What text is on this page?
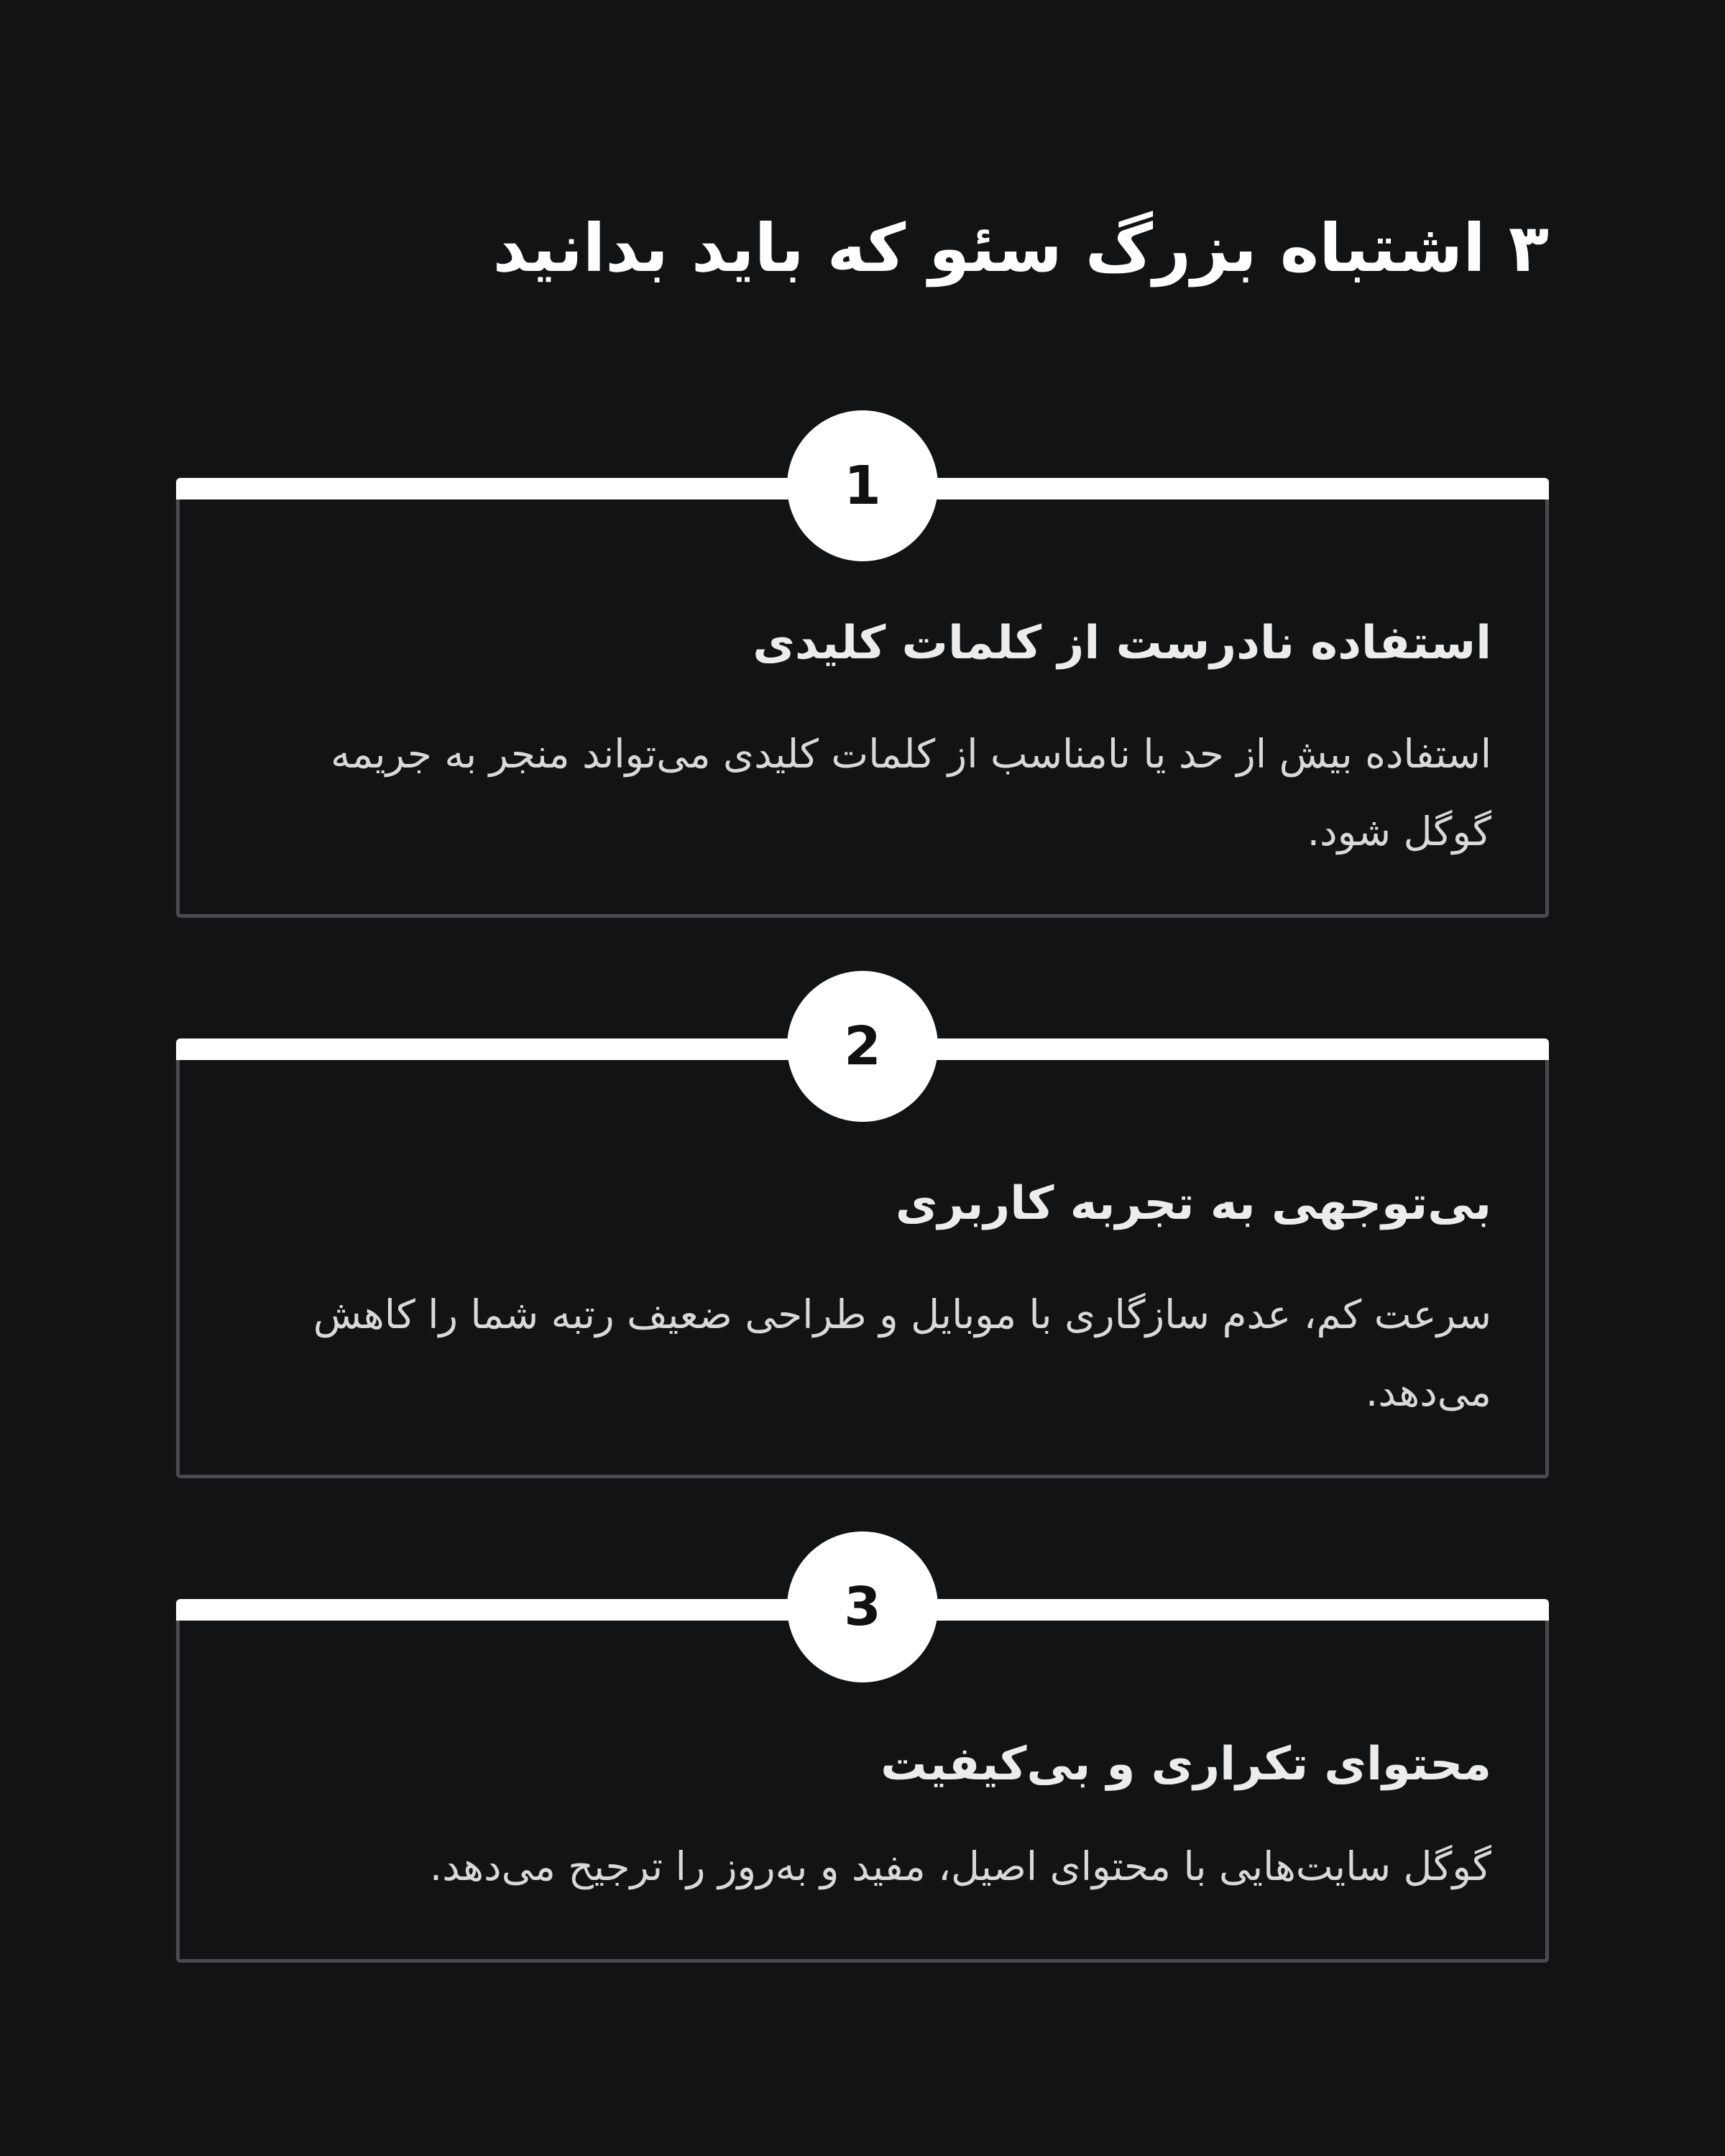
۳ اشتباه بزرگ سئو که باید بدانید
1
استفاده نادرست از کلمات کلیدی

استفاده بیش از حد یا نامناسب از کلمات کلیدی می‌تواند منجر به جریمه گوگل شود.

2
بی‌توجهی به تجربه کاربری

سرعت کم، عدم سازگاری با موبایل و طراحی ضعیف رتبه شما را کاهش می‌دهد.

3
محتوای تکراری و بی‌کیفیت

گوگل سایت‌هایی با محتوای اصیل، مفید و به‌روز را ترجیح می‌دهد.
